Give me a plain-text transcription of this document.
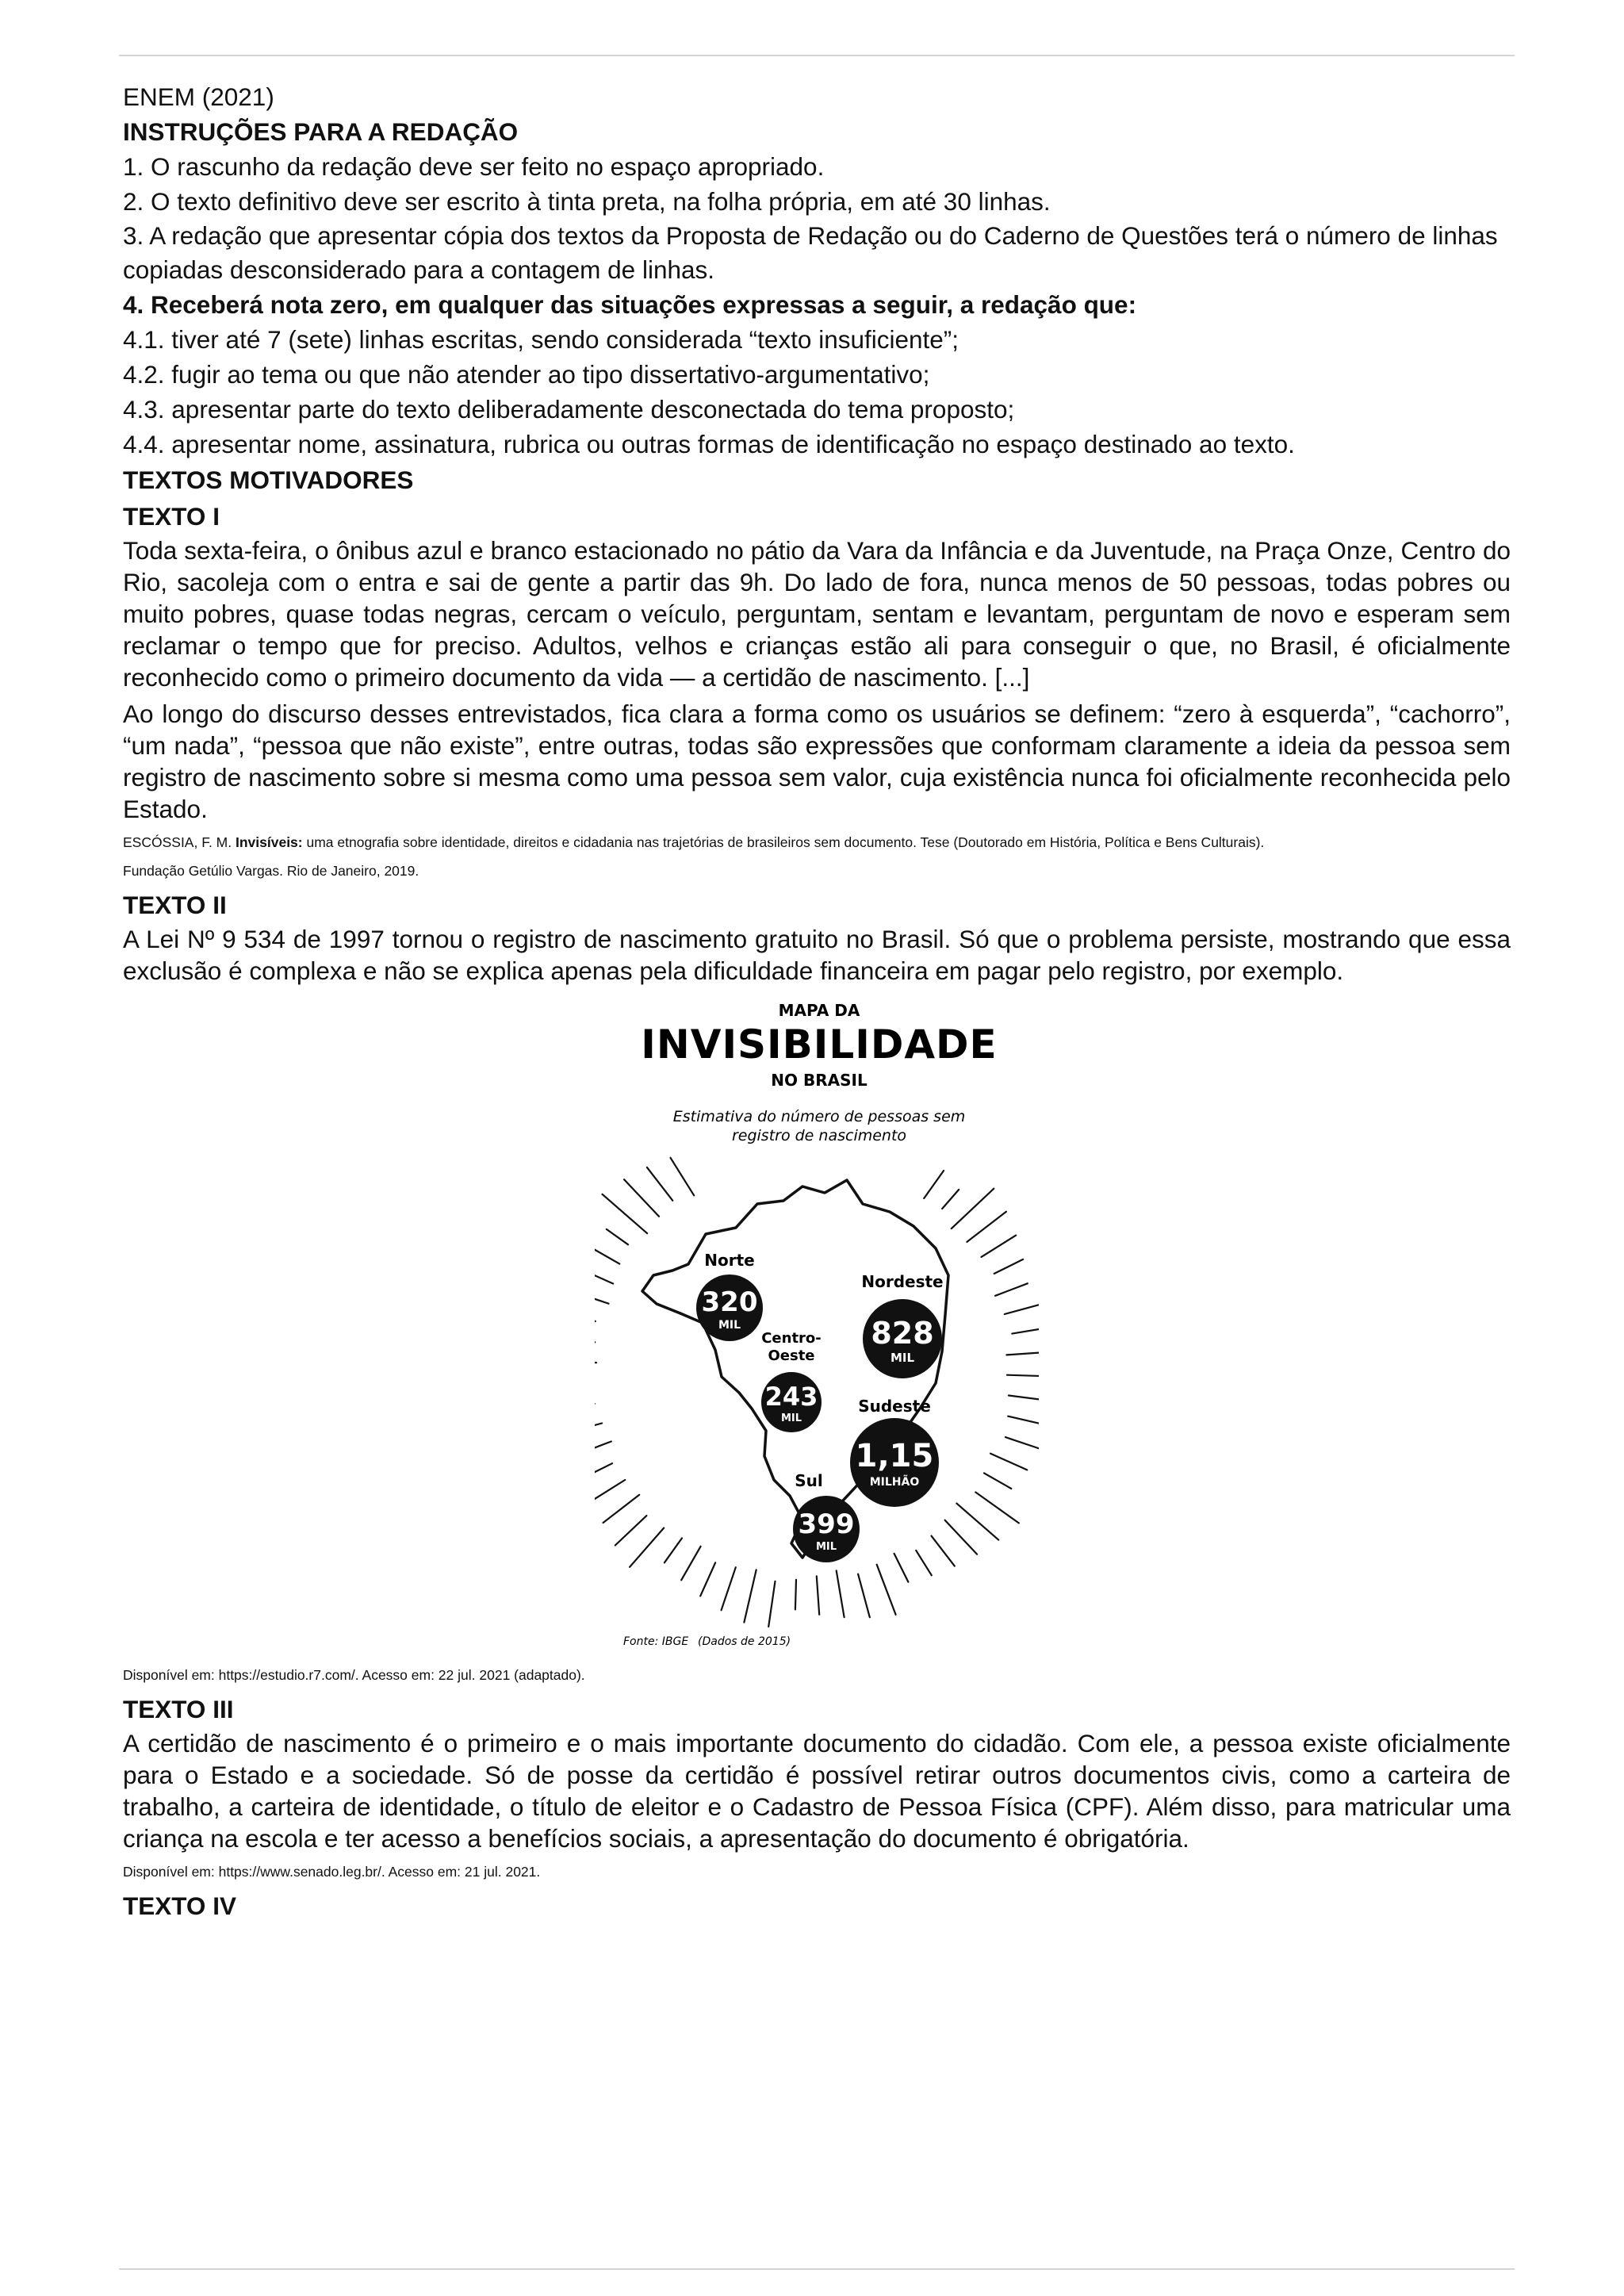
ENEM (2021)

INSTRUÇÕES PARA A REDAÇÃO

1. O rascunho da redação deve ser feito no espaço apropriado.

2. O texto definitivo deve ser escrito à tinta preta, na folha própria, em até 30 linhas.

3. A redação que apresentar cópia dos textos da Proposta de Redação ou do Caderno de Questões terá o número de linhas

copiadas desconsiderado para a contagem de linhas.

4. Receberá nota zero, em qualquer das situações expressas a seguir, a redação que:

4.1. tiver até 7 (sete) linhas escritas, sendo considerada “texto insuficiente”;

4.2. fugir ao tema ou que não atender ao tipo dissertativo-argumentativo;

4.3. apresentar parte do texto deliberadamente desconectada do tema proposto;

4.4. apresentar nome, assinatura, rubrica ou outras formas de identificação no espaço destinado ao texto.

TEXTOS MOTIVADORES

TEXTO I

Toda sexta-feira, o ônibus azul e branco estacionado no pátio da Vara da Infância e da Juventude, na Praça Onze, Centro do Rio, sacoleja com o entra e sai de gente a partir das 9h. Do lado de fora, nunca menos de 50 pessoas, todas pobres ou muito pobres, quase todas negras, cercam o veículo, perguntam, sentam e levantam, perguntam de novo e esperam sem reclamar o tempo que for preciso. Adultos, velhos e crianças estão ali para conseguir o que, no Brasil, é oficialmente reconhecido como o primeiro documento da vida — a certidão de nascimento. [...]

Ao longo do discurso desses entrevistados, fica clara a forma como os usuários se definem: “zero à esquerda”, “cachorro”, “um nada”, “pessoa que não existe”, entre outras, todas são expressões que conformam claramente a ideia da pessoa sem registro de nascimento sobre si mesma como uma pessoa sem valor, cuja existência nunca foi oficialmente reconhecida pelo Estado.

ESCÓSSIA, F. M. Invisíveis: uma etnografia sobre identidade, direitos e cidadania nas trajetórias de brasileiros sem documento. Tese (Doutorado em História, Política e Bens Culturais).

Fundação Getúlio Vargas. Rio de Janeiro, 2019.

TEXTO II

A Lei Nº 9 534 de 1997 tornou o registro de nascimento gratuito no Brasil. Só que o problema persiste, mostrando que essa exclusão é complexa e não se explica apenas pela dificuldade financeira em pagar pelo registro, por exemplo.

MAPA DA
INVISIBILIDADE
NO BRASIL
Estimativa do número de pessoas sem
registro de nascimento
Norte
320
MIL
Centro-
Oeste
243
MIL
Nordeste
828
MIL
Sudeste
1,15
MILHÃO
Sul
399
MIL
Fonte: IBGE (Dados de 2015)

Disponível em: https://estudio.r7.com/. Acesso em: 22 jul. 2021 (adaptado).

TEXTO III

A certidão de nascimento é o primeiro e o mais importante documento do cidadão. Com ele, a pessoa existe oficialmente para o Estado e a sociedade. Só de posse da certidão é possível retirar outros documentos civis, como a carteira de trabalho, a carteira de identidade, o título de eleitor e o Cadastro de Pessoa Física (CPF). Além disso, para matricular uma criança na escola e ter acesso a benefícios sociais, a apresentação do documento é obrigatória.

Disponível em: https://www.senado.leg.br/. Acesso em: 21 jul. 2021.

TEXTO IV
